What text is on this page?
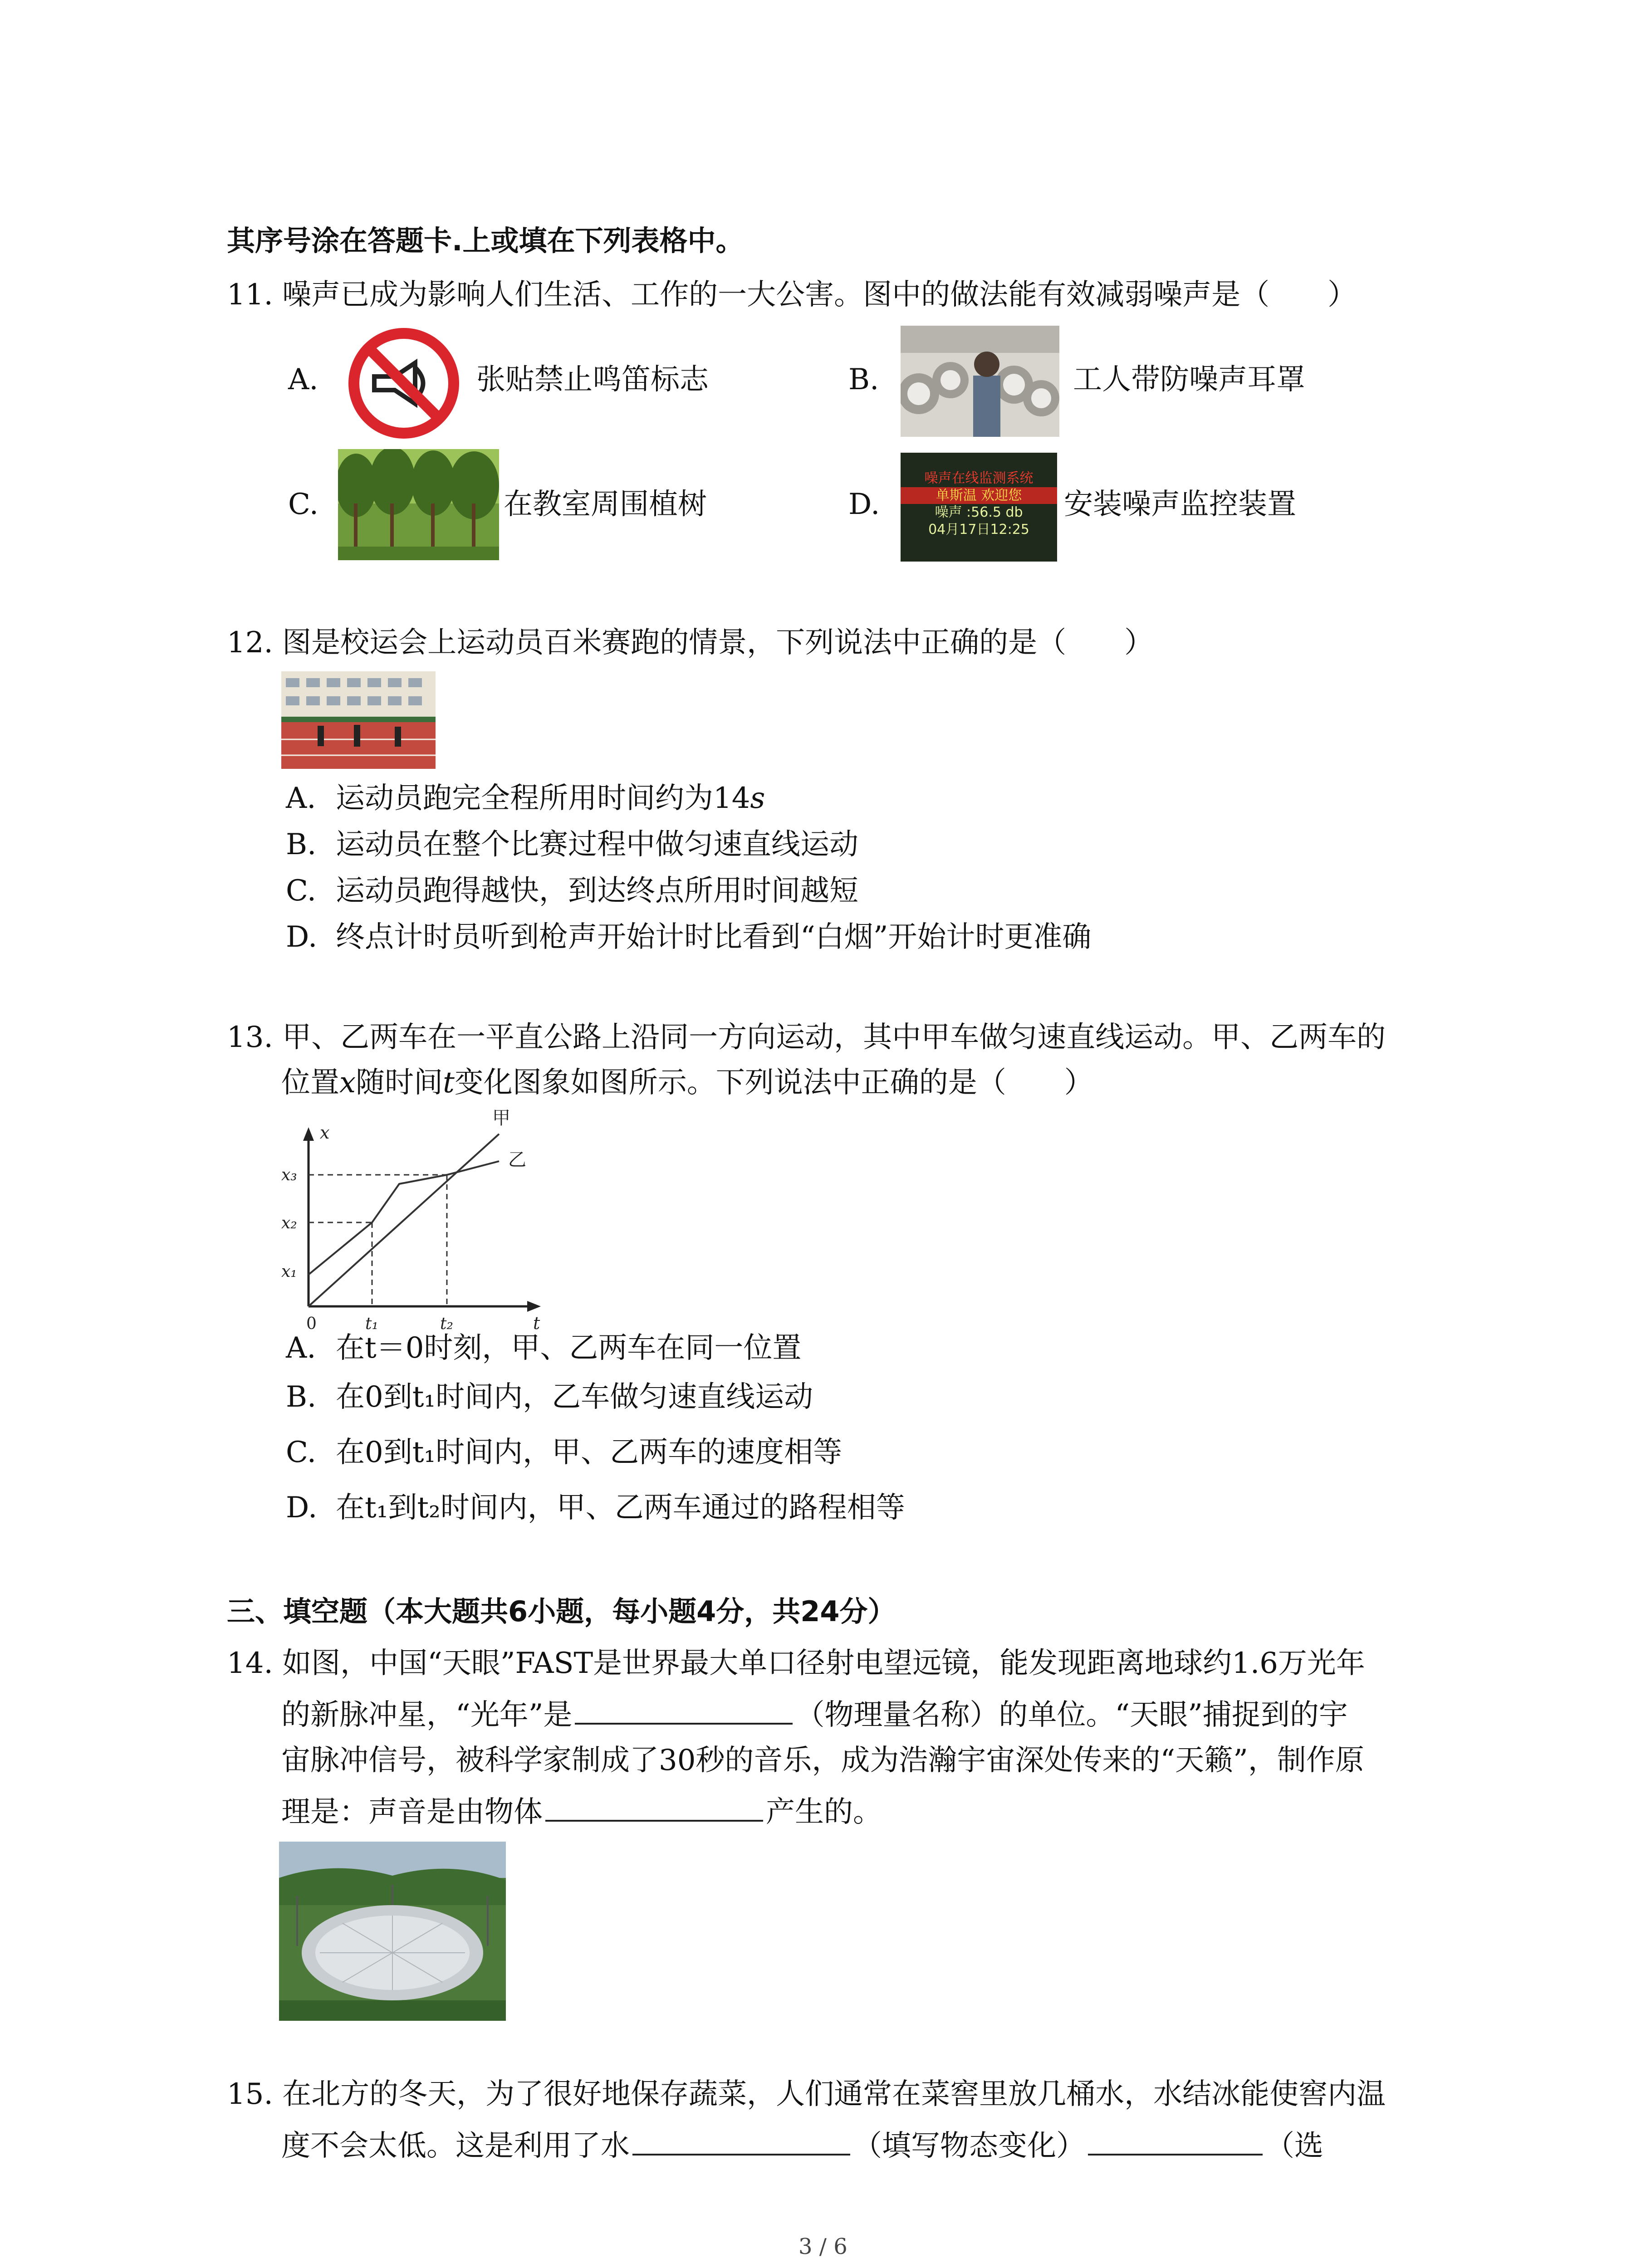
其序号涂在答题卡.上或填在下列表格中。
11. 噪声已成为影响人们生活、工作的一大公害。图中的做法能有效减弱噪声是（　　）
A.	张贴禁止鸣笛标志	B.	工人带防噪声耳罩
C.	在教室周围植树	D.
噪声在线监测系统
单斯温 欢迎您
噪声 :56.5 db
04月17日12:25
安装噪声监控装置
12. 图是校运会上运动员百米赛跑的情景，下列说法中正确的是（　　）
A. 运动员跑完全程所用时间约为14s
B. 运动员在整个比赛过程中做匀速直线运动
C. 运动员跑得越快，到达终点所用时间越短
D. 终点计时员听到枪声开始计时比看到“白烟”开始计时更准确
13. 甲、乙两车在一平直公路上沿同一方向运动，其中甲车做匀速直线运动。甲、乙两车的
位置x随时间t变化图象如图所示。下列说法中正确的是（　　）
x
t
0
x₁
x₂
x₃
t₁	t₂
甲
乙
A. 在t＝0时刻，甲、乙两车在同一位置
B. 在0到t₁时间内，乙车做匀速直线运动
C. 在0到t₁时间内，甲、乙两车的速度相等
D. 在t₁到t₂时间内，甲、乙两车通过的路程相等
三、填空题（本大题共6小题，每小题4分，共24分）
14. 如图，中国“天眼”FAST是世界最大单口径射电望远镜，能发现距离地球约1.6万光年
的新脉冲星，“光年”是	（物理量名称）的单位。“天眼”捕捉到的宇
宙脉冲信号，被科学家制成了30秒的音乐，成为浩瀚宇宙深处传来的“天籁”，制作原
理是：声音是由物体	产生的。
15. 在北方的冬天，为了很好地保存蔬菜，人们通常在菜窖里放几桶水，水结冰能使窖内温
度不会太低。这是利用了水	（填写物态变化）	（选
3 / 6
